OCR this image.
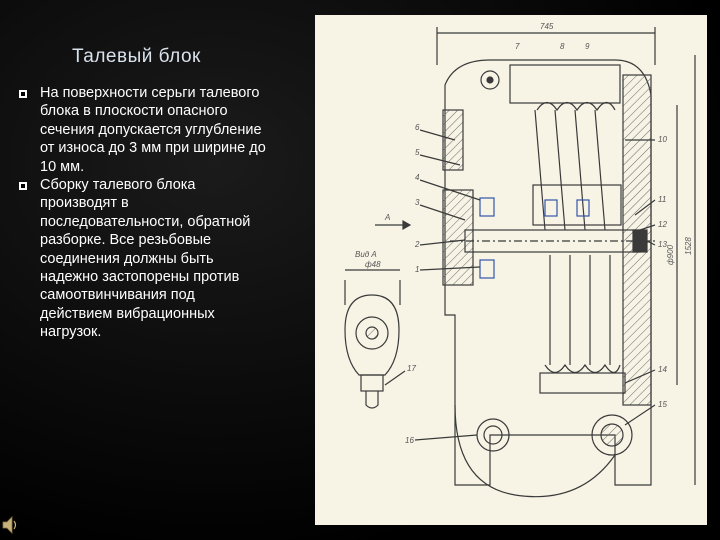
Талевый блок
На поверхности серьги талевого блока в плоскости опасного сечения допускается углубление от износа до 3 мм при ширине до 10 мм.
Сборку талевого блока производят в последовательности, обратной разборке. Все резьбовые соединения должны быть надежно застопорены против самоотвинчивания под действием вибрационных нагрузок.
745
1528
ф900
ф48
Вид А
А
7	8	9
6
5
4
3
2
1
10
11
12
13
14
15
16
17
